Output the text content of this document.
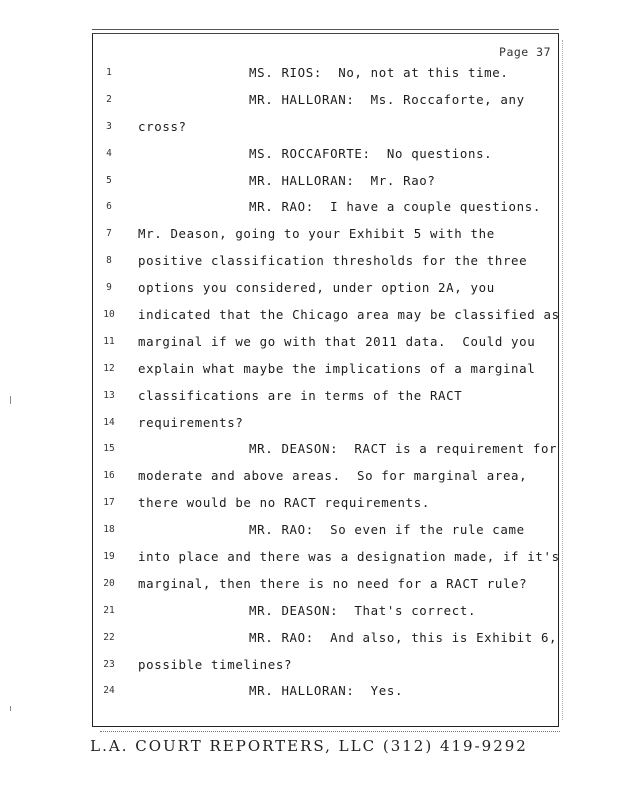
Page 37
1	MS. RIOS:  No, not at this time.
2	MR. HALLORAN:  Ms. Roccaforte, any
3	cross?
4	MS. ROCCAFORTE:  No questions.
5	MR. HALLORAN:  Mr. Rao?
6	MR. RAO:  I have a couple questions.
7	Mr. Deason, going to your Exhibit 5 with the
8	positive classification thresholds for the three
9	options you considered, under option 2A, you
10	indicated that the Chicago area may be classified as
11	marginal if we go with that 2011 data.  Could you
12	explain what maybe the implications of a marginal
13	classifications are in terms of the RACT
14	requirements?
15	MR. DEASON:  RACT is a requirement for
16	moderate and above areas.  So for marginal area,
17	there would be no RACT requirements.
18	MR. RAO:  So even if the rule came
19	into place and there was a designation made, if it's
20	marginal, then there is no need for a RACT rule?
21	MR. DEASON:  That's correct.
22	MR. RAO:  And also, this is Exhibit 6,
23	possible timelines?
24	MR. HALLORAN:  Yes.
L.A. COURT REPORTERS, LLC (312) 419-9292
